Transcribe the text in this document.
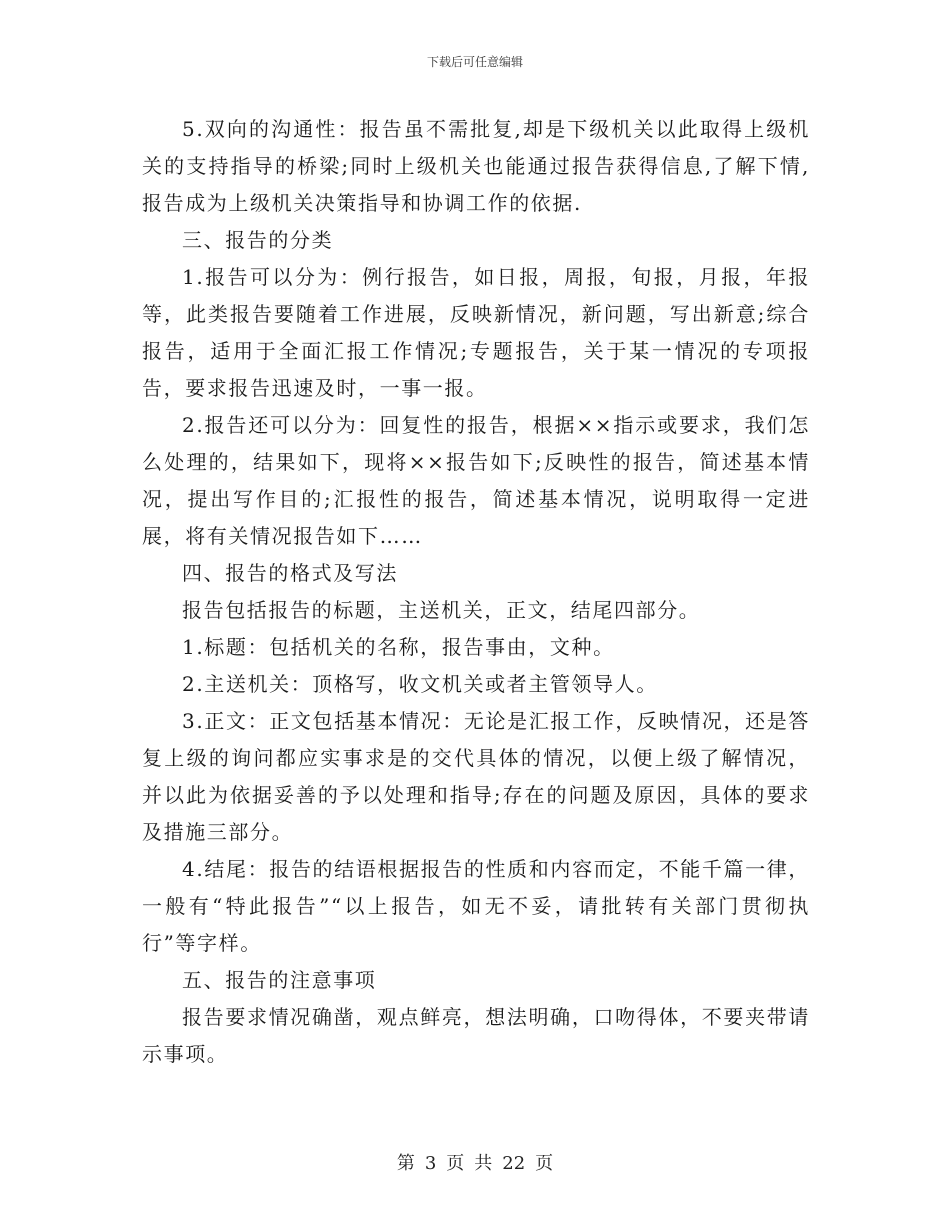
下载后可任意编辑

5.双向的沟通性：报告虽不需批复,却是下级机关以此取得上级机关的支持指导的桥梁;同时上级机关也能通过报告获得信息,了解下情,报告成为上级机关决策指导和协调工作的依据.

三、报告的分类

1.报告可以分为：例行报告，如日报，周报，旬报，月报，年报等，此类报告要随着工作进展，反映新情况，新问题，写出新意;综合报告，适用于全面汇报工作情况;专题报告，关于某一情况的专项报告，要求报告迅速及时，一事一报。

2.报告还可以分为：回复性的报告，根据××指示或要求，我们怎么处理的，结果如下，现将××报告如下;反映性的报告，简述基本情况，提出写作目的;汇报性的报告，简述基本情况，说明取得一定进展，将有关情况报告如下……

四、报告的格式及写法

报告包括报告的标题，主送机关，正文，结尾四部分。

1.标题：包括机关的名称，报告事由，文种。

2.主送机关：顶格写，收文机关或者主管领导人。

3.正文：正文包括基本情况：无论是汇报工作，反映情况，还是答复上级的询问都应实事求是的交代具体的情况，以便上级了解情况，并以此为依据妥善的予以处理和指导;存在的问题及原因，具体的要求及措施三部分。

4.结尾：报告的结语根据报告的性质和内容而定，不能千篇一律，一般有“特此报告”“以上报告，如无不妥，请批转有关部门贯彻执行”等字样。

五、报告的注意事项

报告要求情况确凿，观点鲜亮，想法明确，口吻得体，不要夹带请示事项。

第 3 页 共 22 页
